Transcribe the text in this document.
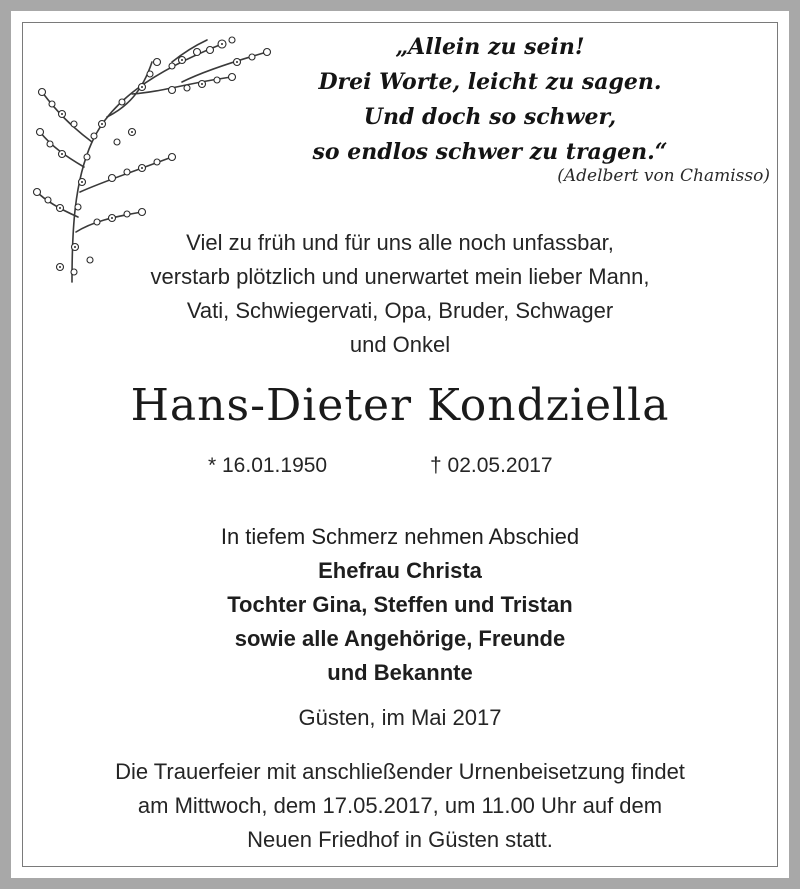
„Allein zu sein!
Drei Worte, leicht zu sagen.
Und doch so schwer,
so endlos schwer zu tragen.“
(Adelbert von Chamisso)
Viel zu früh und für uns alle noch unfassbar,
verstarb plötzlich und unerwartet mein lieber Mann,
Vati, Schwiegervati, Opa, Bruder, Schwager
und Onkel
Hans-Dieter Kondziella
* 16.01.1950	† 02.05.2017
In tiefem Schmerz nehmen Abschied
Ehefrau Christa
Tochter Gina, Steffen und Tristan
sowie alle Angehörige, Freunde
und Bekannte
Güsten, im Mai 2017
Die Trauerfeier mit anschließender Urnenbeisetzung findet
am Mittwoch, dem 17.05.2017, um 11.00 Uhr auf dem
Neuen Friedhof in Güsten statt.
